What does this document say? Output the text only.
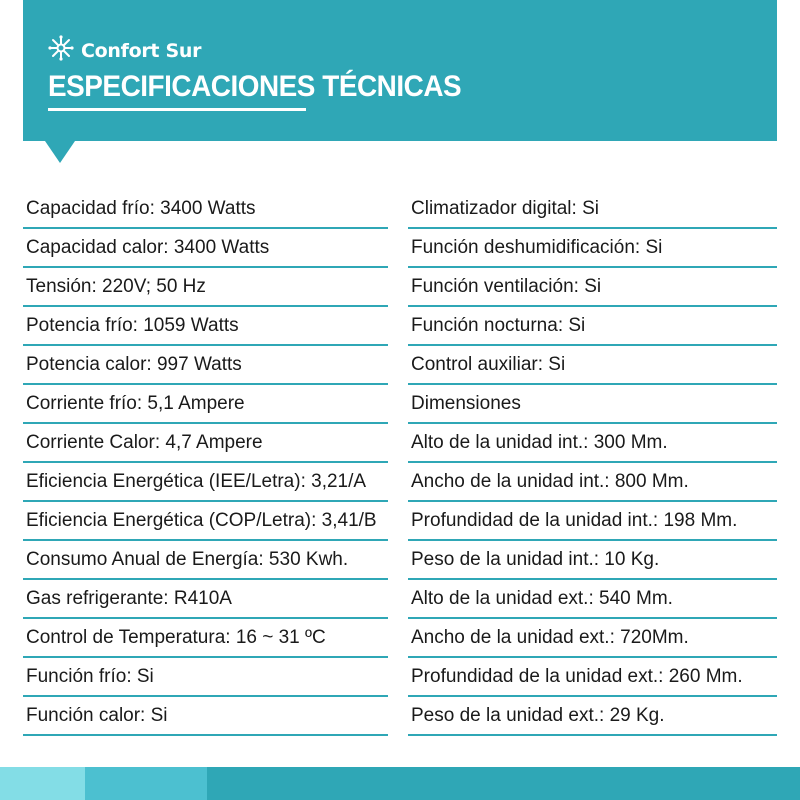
Confort Sur
ESPECIFICACIONES TÉCNICAS
Capacidad frío: 3400 Watts
Capacidad calor: 3400 Watts
Tensión: 220V; 50 Hz
Potencia frío: 1059 Watts
Potencia calor: 997 Watts
Corriente frío: 5,1 Ampere
Corriente Calor: 4,7 Ampere
Eficiencia Energética (IEE/Letra): 3,21/A
Eficiencia Energética (COP/Letra): 3,41/B
Consumo Anual de Energía: 530 Kwh.
Gas refrigerante: R410A
Control de Temperatura: 16 ~ 31 ºC
Función frío: Si
Función calor: Si
Climatizador digital: Si
Función deshumidificación: Si
Función ventilación: Si
Función nocturna: Si
Control auxiliar: Si
Dimensiones
Alto de la unidad int.: 300 Mm.
Ancho de la unidad int.: 800 Mm.
Profundidad de la unidad int.: 198 Mm.
Peso de la unidad int.: 10 Kg.
Alto de la unidad ext.: 540 Mm.
Ancho de la unidad ext.: 720Mm.
Profundidad de la unidad ext.: 260 Mm.
Peso de la unidad ext.: 29 Kg.
